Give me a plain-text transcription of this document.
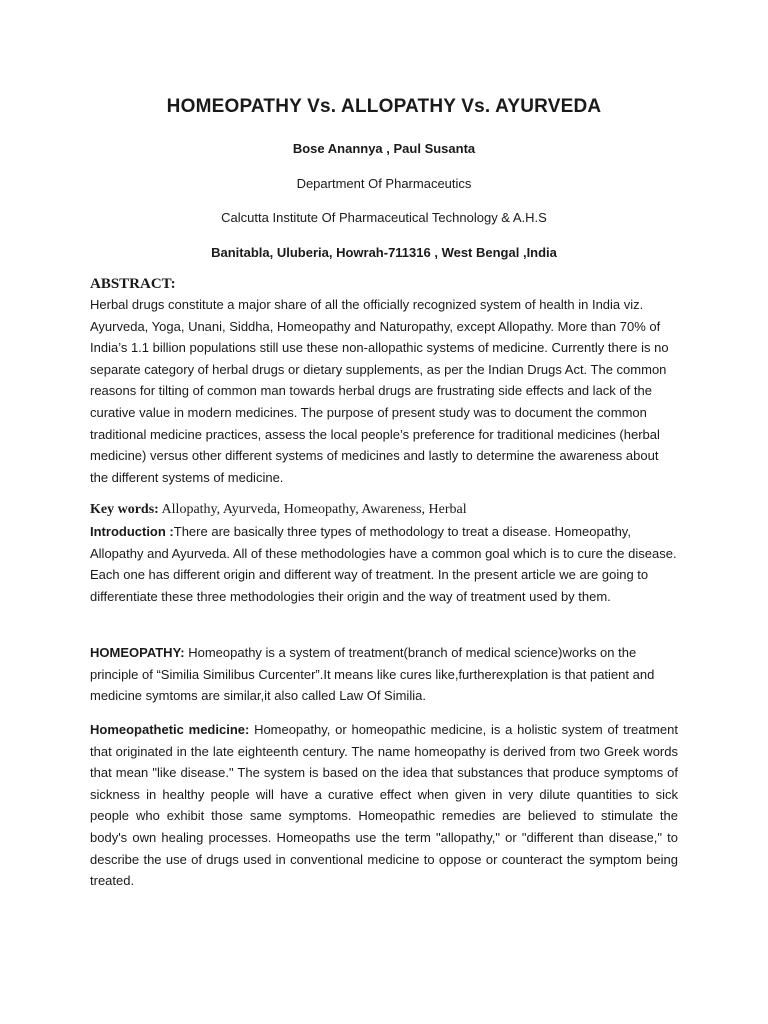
HOMEOPATHY Vs. ALLOPATHY Vs. AYURVEDA
Bose Anannya , Paul Susanta
Department Of Pharmaceutics
Calcutta Institute Of Pharmaceutical Technology & A.H.S
Banitabla, Uluberia, Howrah-711316 , West Bengal ,India
ABSTRACT:
Herbal drugs constitute a major share of all the officially recognized system of health in India viz. Ayurveda, Yoga, Unani, Siddha, Homeopathy and Naturopathy, except Allopathy. More than 70% of India’s 1.1 billion populations still use these non-allopathic systems of medicine. Currently there is no separate category of herbal drugs or dietary supplements, as per the Indian Drugs Act. The common reasons for tilting of common man towards herbal drugs are frustrating side effects and lack of the curative value in modern medicines. The purpose of present study was to document the common traditional medicine practices, assess the local people’s preference for traditional medicines (herbal medicine) versus other different systems of medicines and lastly to determine the awareness about the different systems of medicine.
Key words: Allopathy, Ayurveda, Homeopathy, Awareness, Herbal
Introduction :There are basically three types of methodology to treat a disease. Homeopathy, Allopathy and Ayurveda. All of these methodologies have a common goal which is to cure the disease. Each one has different origin and different way of treatment. In the present article we are going to differentiate these three methodologies their origin and the way of treatment used by them.
HOMEOPATHY: Homeopathy is a system of treatment(branch of medical science)works on the principle of “Similia Similibus Curcenter”.It means like cures like,furtherexplation is that patient and medicine symtoms are similar,it also called Law Of Similia.
Homeopathetic medicine: Homeopathy, or homeopathic medicine, is a holistic system of treatment that originated in the late eighteenth century. The name homeopathy is derived from two Greek words that mean "like disease." The system is based on the idea that substances that produce symptoms of sickness in healthy people will have a curative effect when given in very dilute quantities to sick people who exhibit those same symptoms. Homeopathic remedies are believed to stimulate the body's own healing processes. Homeopaths use the term "allopathy," or "different than disease," to describe the use of drugs used in conventional medicine to oppose or counteract the symptom being treated.
